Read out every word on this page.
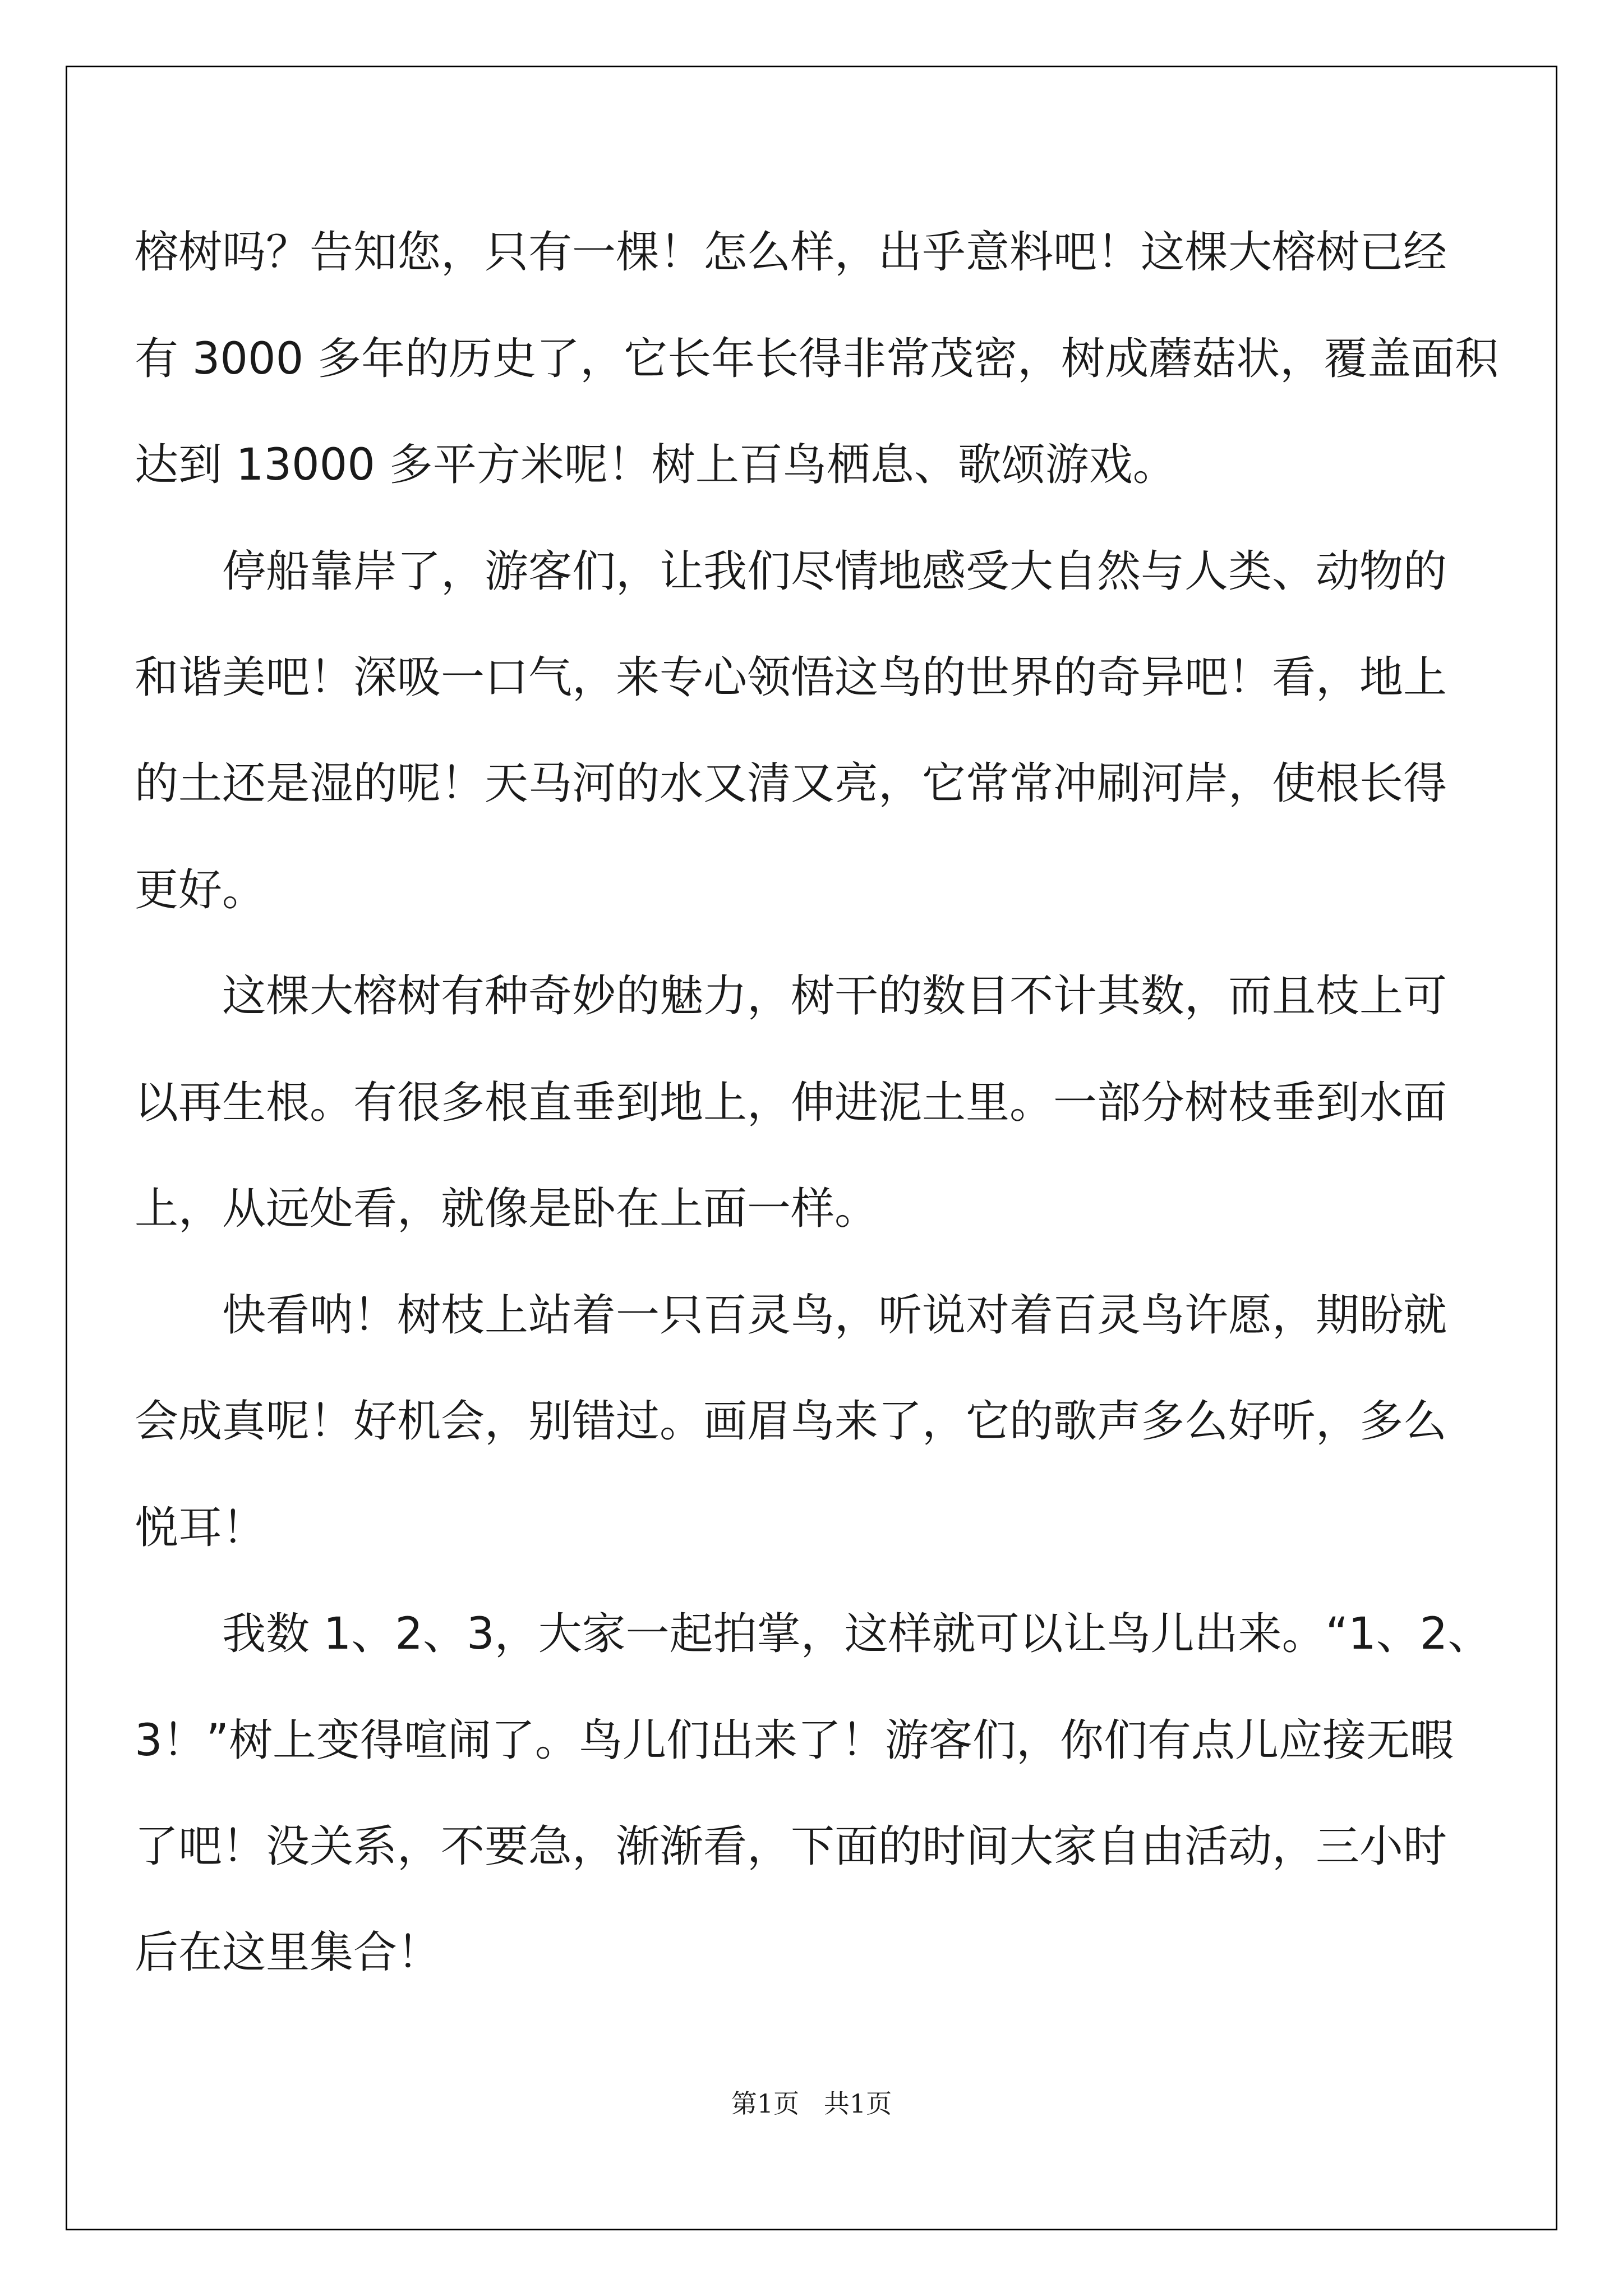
榕树吗？告知您，只有一棵！怎么样，出乎意料吧！这棵大榕树已经
有 3000 多年的历史了，它长年长得非常茂密，树成蘑菇状，覆盖面积
达到 13000 多平方米呢！树上百鸟栖息、歌颂游戏。
停船靠岸了，游客们，让我们尽情地感受大自然与人类、动物的
和谐美吧！深吸一口气，来专心领悟这鸟的世界的奇异吧！看，地上
的土还是湿的呢！天马河的水又清又亮，它常常冲刷河岸，使根长得
更好。
这棵大榕树有种奇妙的魅力，树干的数目不计其数，而且枝上可
以再生根。有很多根直垂到地上，伸进泥土里。一部分树枝垂到水面
上，从远处看，就像是卧在上面一样。
快看呐！树枝上站着一只百灵鸟，听说对着百灵鸟许愿，期盼就
会成真呢！好机会，别错过。画眉鸟来了，它的歌声多么好听，多么
悦耳！
我数 1、2、3，大家一起拍掌，这样就可以让鸟儿出来。“1、2、
3！”树上变得喧闹了。鸟儿们出来了！游客们，你们有点儿应接无暇
了吧！没关系，不要急，渐渐看，下面的时间大家自由活动，三小时
后在这里集合！
第1页   共1页
